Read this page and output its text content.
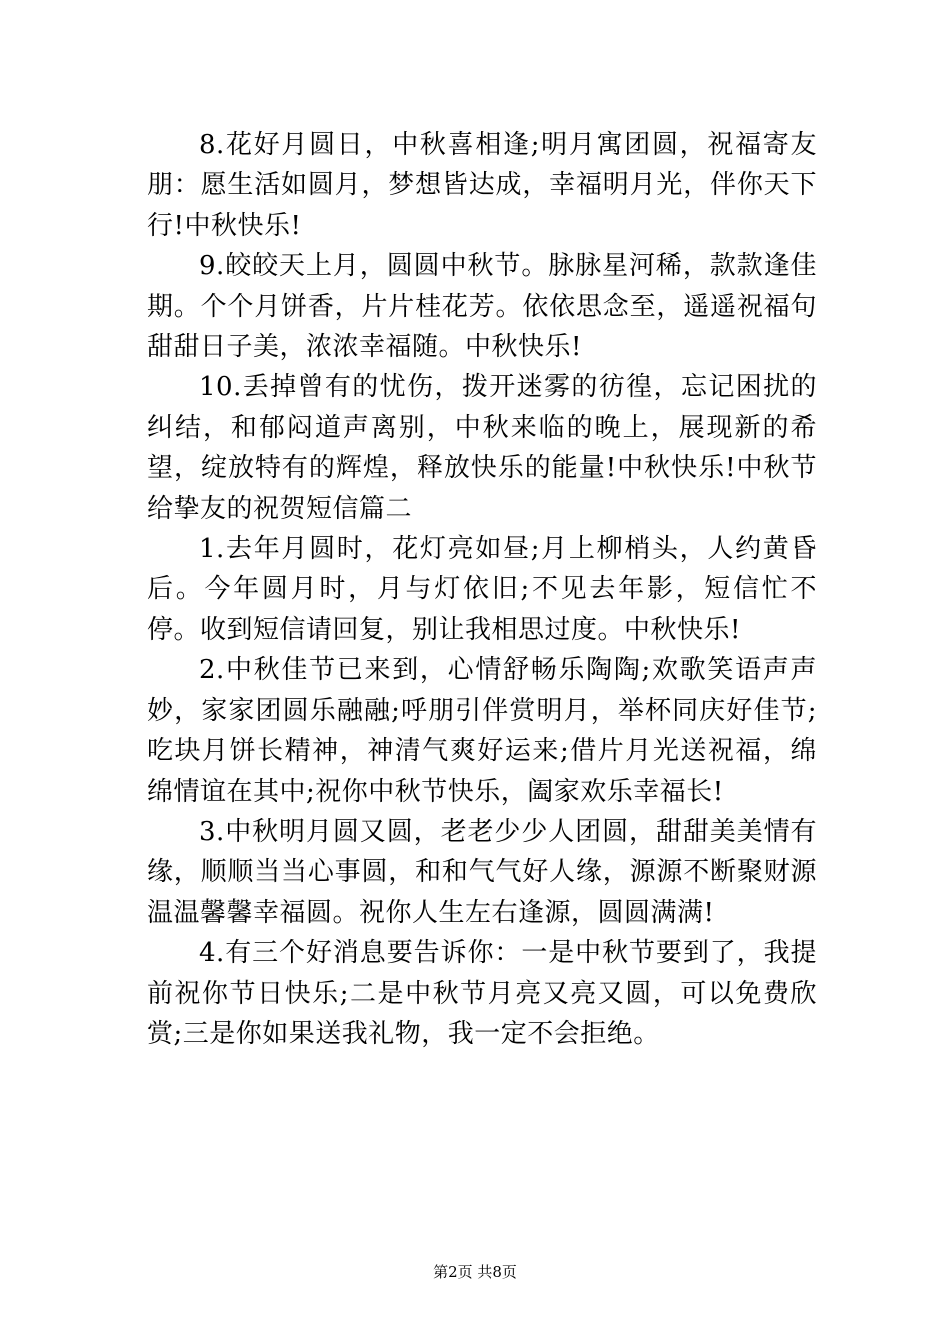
8.花好月圆日，中秋喜相逢;明月寓团圆，祝福寄友朋：愿生活如圆月，梦想皆达成，幸福明月光，伴你天下行!中秋快乐!

9.皎皎天上月，圆圆中秋节。脉脉星河稀，款款逢佳期。个个月饼香，片片桂花芳。依依思念至，遥遥祝福句甜甜日子美，浓浓幸福随。中秋快乐!

10.丢掉曾有的忧伤，拨开迷雾的彷徨，忘记困扰的纠结，和郁闷道声离别，中秋来临的晚上，展现新的希望，绽放特有的辉煌，释放快乐的能量!中秋快乐!中秋节给挚友的祝贺短信篇二

1.去年月圆时，花灯亮如昼;月上柳梢头，人约黄昏后。今年圆月时，月与灯依旧;不见去年影，短信忙不停。收到短信请回复，别让我相思过度。中秋快乐!

2.中秋佳节已来到，心情舒畅乐陶陶;欢歌笑语声声妙，家家团圆乐融融;呼朋引伴赏明月，举杯同庆好佳节;吃块月饼长精神，神清气爽好运来;借片月光送祝福，绵绵情谊在其中;祝你中秋节快乐，阖家欢乐幸福长!

3.中秋明月圆又圆，老老少少人团圆，甜甜美美情有缘，顺顺当当心事圆，和和气气好人缘，源源不断聚财源温温馨馨幸福圆。祝你人生左右逢源，圆圆满满!

4.有三个好消息要告诉你：一是中秋节要到了，我提前祝你节日快乐;二是中秋节月亮又亮又圆，可以免费欣赏;三是你如果送我礼物，我一定不会拒绝。

第2页 共8页
